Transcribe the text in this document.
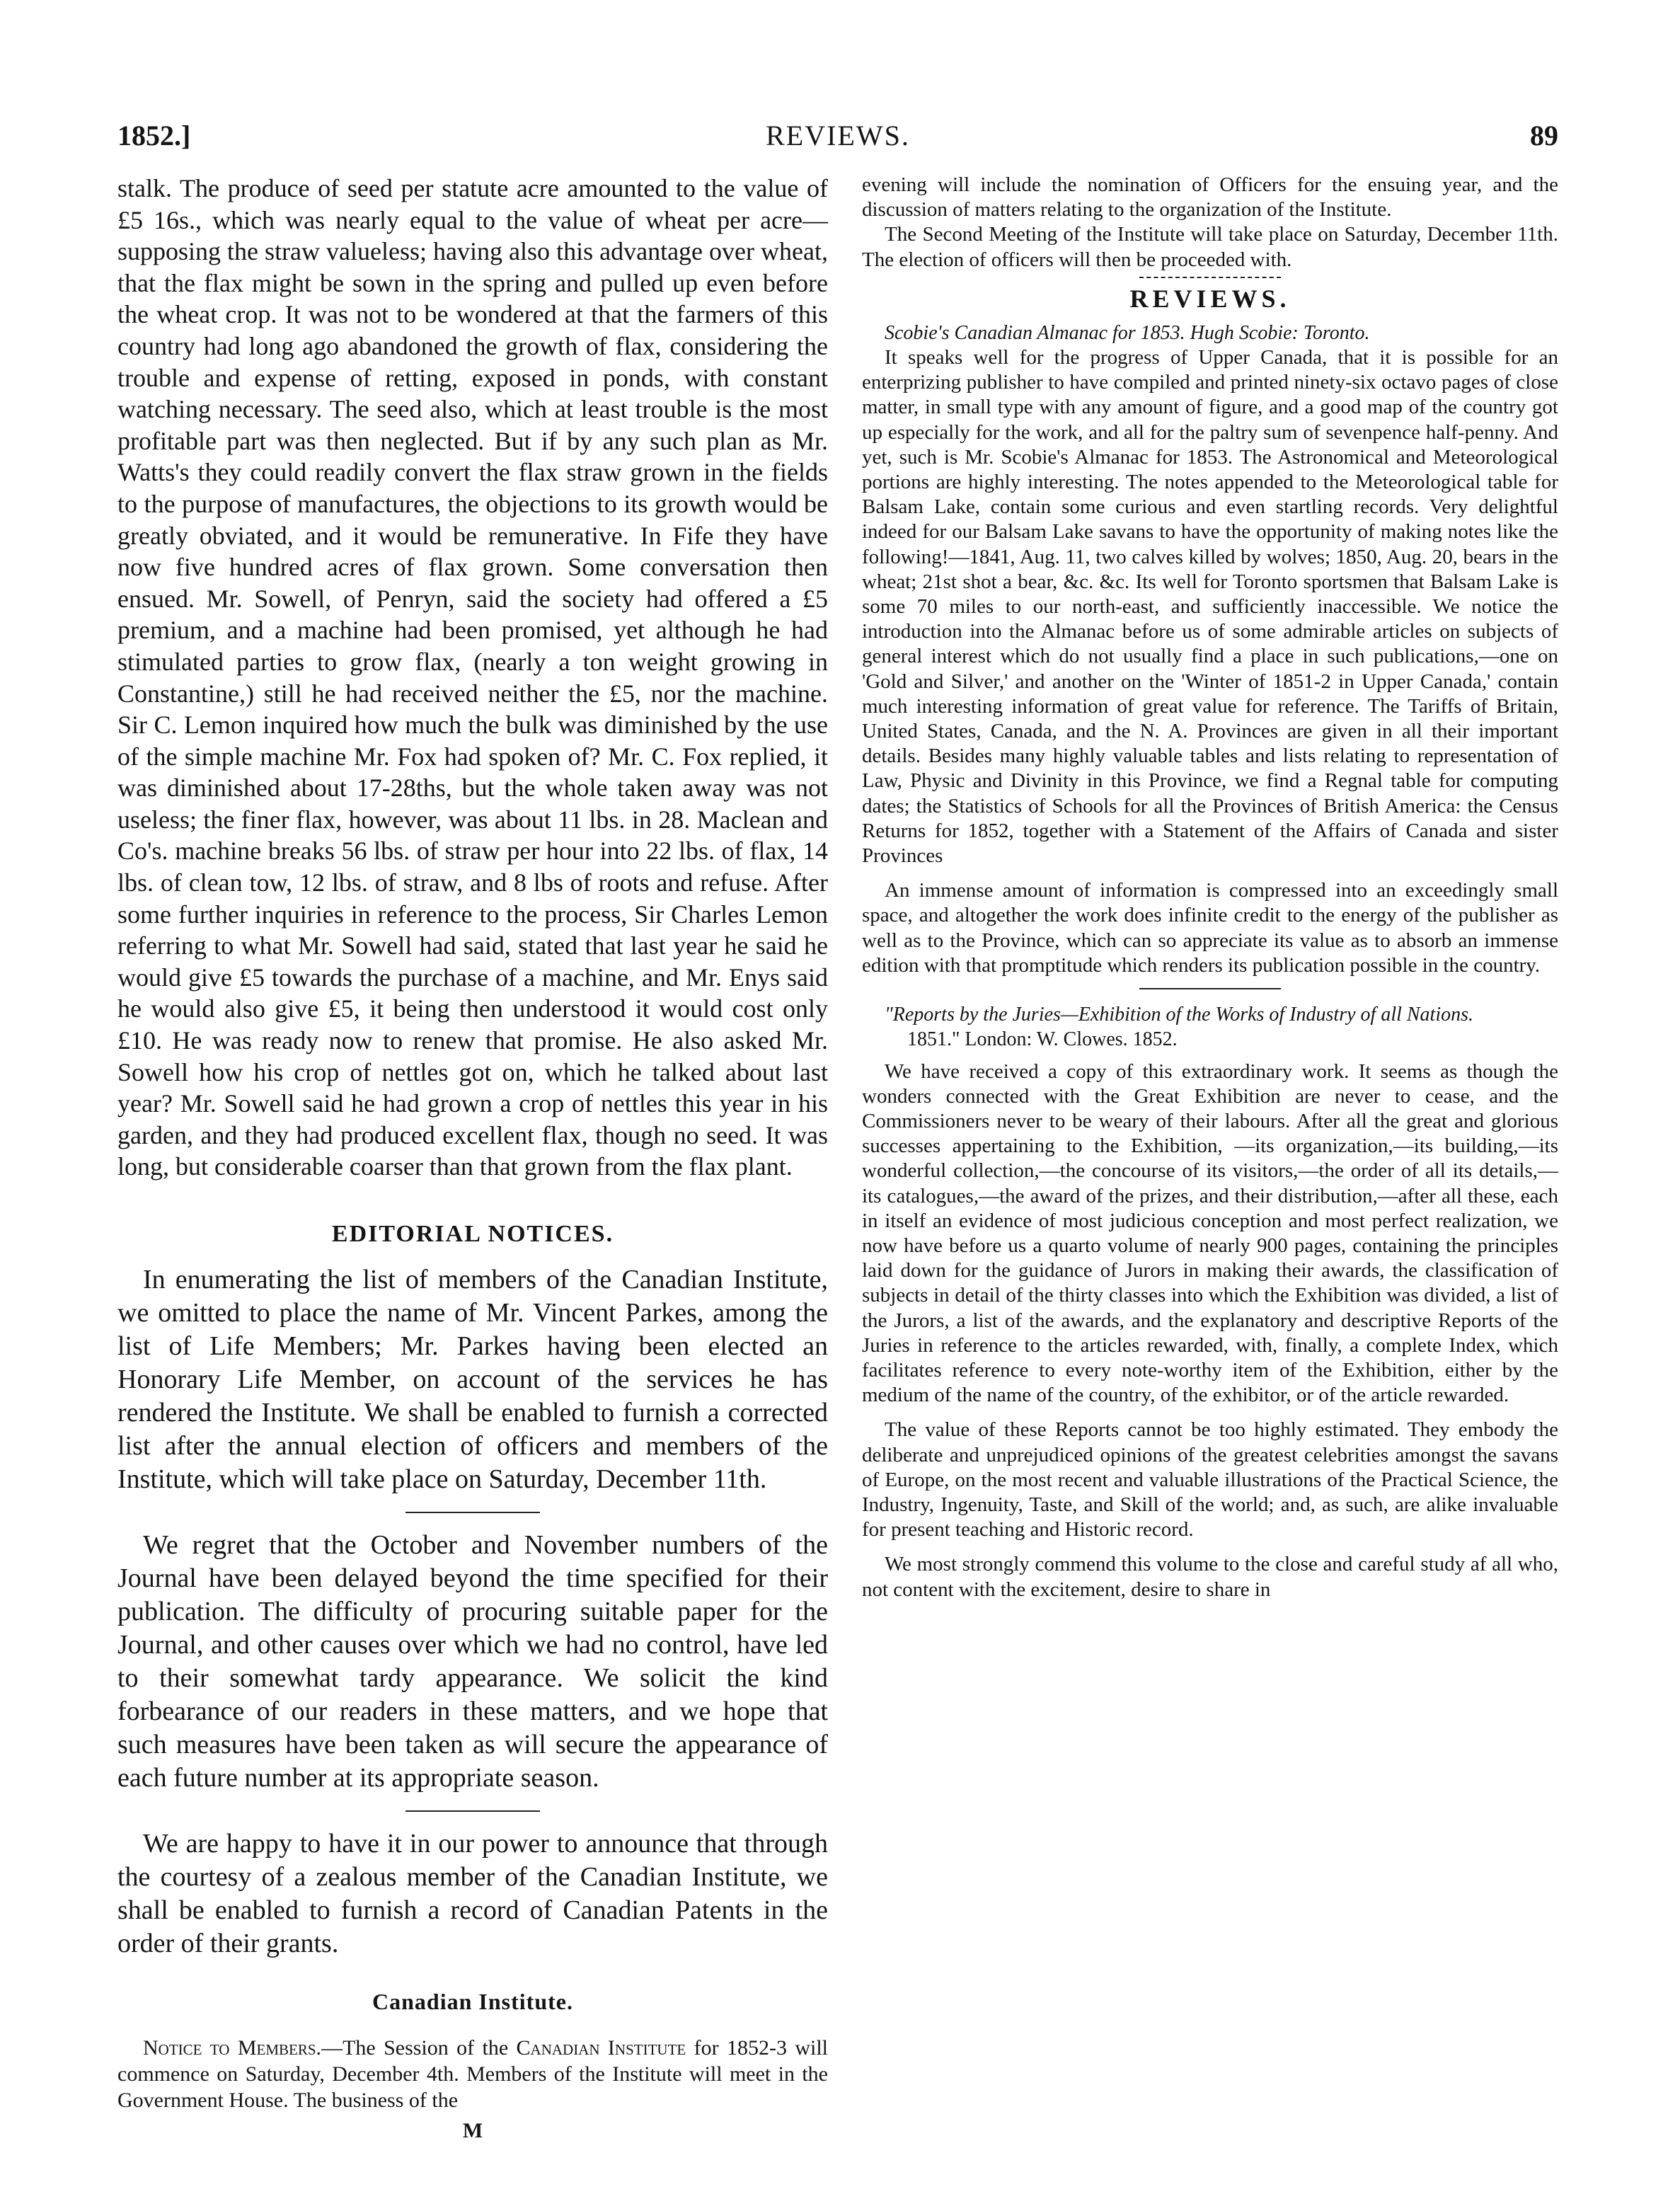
1852.]	REVIEWS.	89

stalk. The produce of seed per statute acre amounted to the value of £5 16s., which was nearly equal to the value of wheat per acre—supposing the straw valueless; having also this advantage over wheat, that the flax might be sown in the spring and pulled up even before the wheat crop. It was not to be wondered at that the farmers of this country had long ago abandoned the growth of flax, considering the trouble and expense of retting, exposed in ponds, with constant watching necessary. The seed also, which at least trouble is the most profitable part was then neglected. But if by any such plan as Mr. Watts's they could readily convert the flax straw grown in the fields to the purpose of manufactures, the objections to its growth would be greatly obviated, and it would be remunerative. In Fife they have now five hundred acres of flax grown. Some conversation then ensued. Mr. Sowell, of Penryn, said the society had offered a £5 premium, and a machine had been promised, yet although he had stimulated parties to grow flax, (nearly a ton weight growing in Constantine,) still he had received neither the £5, nor the machine. Sir C. Lemon inquired how much the bulk was diminished by the use of the simple machine Mr. Fox had spoken of? Mr. C. Fox replied, it was diminished about 17-28ths, but the whole taken away was not useless; the finer flax, however, was about 11 lbs. in 28. Maclean and Co's. machine breaks 56 lbs. of straw per hour into 22 lbs. of flax, 14 lbs. of clean tow, 12 lbs. of straw, and 8 lbs of roots and refuse. After some further inquiries in reference to the process, Sir Charles Lemon referring to what Mr. Sowell had said, stated that last year he said he would give £5 towards the purchase of a machine, and Mr. Enys said he would also give £5, it being then understood it would cost only £10. He was ready now to renew that promise. He also asked Mr. Sowell how his crop of nettles got on, which he talked about last year? Mr. Sowell said he had grown a crop of nettles this year in his garden, and they had produced excellent flax, though no seed. It was long, but considerable coarser than that grown from the flax plant.

EDITORIAL NOTICES.

In enumerating the list of members of the Canadian Institute, we omitted to place the name of Mr. Vincent Parkes, among the list of Life Members; Mr. Parkes having been elected an Honorary Life Member, on account of the services he has rendered the Institute. We shall be enabled to furnish a corrected list after the annual election of officers and members of the Institute, which will take place on Saturday, December 11th.

We regret that the October and November numbers of the Journal have been delayed beyond the time specified for their publication. The difficulty of procuring suitable paper for the Journal, and other causes over which we had no control, have led to their somewhat tardy appearance. We solicit the kind forbearance of our readers in these matters, and we hope that such measures have been taken as will secure the appearance of each future number at its appropriate season.

We are happy to have it in our power to announce that through the courtesy of a zealous member of the Canadian Institute, we shall be enabled to furnish a record of Canadian Patents in the order of their grants.

Canadian Institute.

Notice to Members.—The Session of the Canadian Institute for 1852-3 will commence on Saturday, December 4th. Members of the Institute will meet in the Government House. The business of the

M

evening will include the nomination of Officers for the ensuing year, and the discussion of matters relating to the organization of the Institute.

The Second Meeting of the Institute will take place on Saturday, December 11th. The election of officers will then be proceeded with.

REVIEWS.

Scobie's Canadian Almanac for 1853. Hugh Scobie: Toronto.

It speaks well for the progress of Upper Canada, that it is possible for an enterprizing publisher to have compiled and printed ninety-six octavo pages of close matter, in small type with any amount of figure, and a good map of the country got up especially for the work, and all for the paltry sum of sevenpence half-penny. And yet, such is Mr. Scobie's Almanac for 1853. The Astronomical and Meteorological portions are highly interesting. The notes appended to the Meteorological table for Balsam Lake, contain some curious and even startling records. Very delightful indeed for our Balsam Lake savans to have the opportunity of making notes like the following!—1841, Aug. 11, two calves killed by wolves; 1850, Aug. 20, bears in the wheat; 21st shot a bear, &c. &c. Its well for Toronto sportsmen that Balsam Lake is some 70 miles to our north-east, and sufficiently inaccessible. We notice the introduction into the Almanac before us of some admirable articles on subjects of general interest which do not usually find a place in such publications,—one on 'Gold and Silver,' and another on the 'Winter of 1851-2 in Upper Canada,' contain much interesting information of great value for reference. The Tariffs of Britain, United States, Canada, and the N. A. Provinces are given in all their important details. Besides many highly valuable tables and lists relating to representation of Law, Physic and Divinity in this Province, we find a Regnal table for computing dates; the Statistics of Schools for all the Provinces of British America: the Census Returns for 1852, together with a Statement of the Affairs of Canada and sister Provinces

An immense amount of information is compressed into an exceedingly small space, and altogether the work does infinite credit to the energy of the publisher as well as to the Province, which can so appreciate its value as to absorb an immense edition with that promptitude which renders its publication possible in the country.

"Reports by the Juries—Exhibition of the Works of Industry of all Nations.

1851." London: W. Clowes. 1852.

We have received a copy of this extraordinary work. It seems as though the wonders connected with the Great Exhibition are never to cease, and the Commissioners never to be weary of their labours. After all the great and glorious successes appertaining to the Exhibition, —its organization,—its building,—its wonderful collection,—the concourse of its visitors,—the order of all its details,—its catalogues,—the award of the prizes, and their distribution,—after all these, each in itself an evidence of most judicious conception and most perfect realization, we now have before us a quarto volume of nearly 900 pages, containing the principles laid down for the guidance of Jurors in making their awards, the classification of subjects in detail of the thirty classes into which the Exhibition was divided, a list of the Jurors, a list of the awards, and the explanatory and descriptive Reports of the Juries in reference to the articles rewarded, with, finally, a complete Index, which facilitates reference to every note-worthy item of the Exhibition, either by the medium of the name of the country, of the exhibitor, or of the article rewarded.

The value of these Reports cannot be too highly estimated. They embody the deliberate and unprejudiced opinions of the greatest celebrities amongst the savans of Europe, on the most recent and valuable illustrations of the Practical Science, the Industry, Ingenuity, Taste, and Skill of the world; and, as such, are alike invaluable for present teaching and Historic record.

We most strongly commend this volume to the close and careful study af all who, not content with the excitement, desire to share in
